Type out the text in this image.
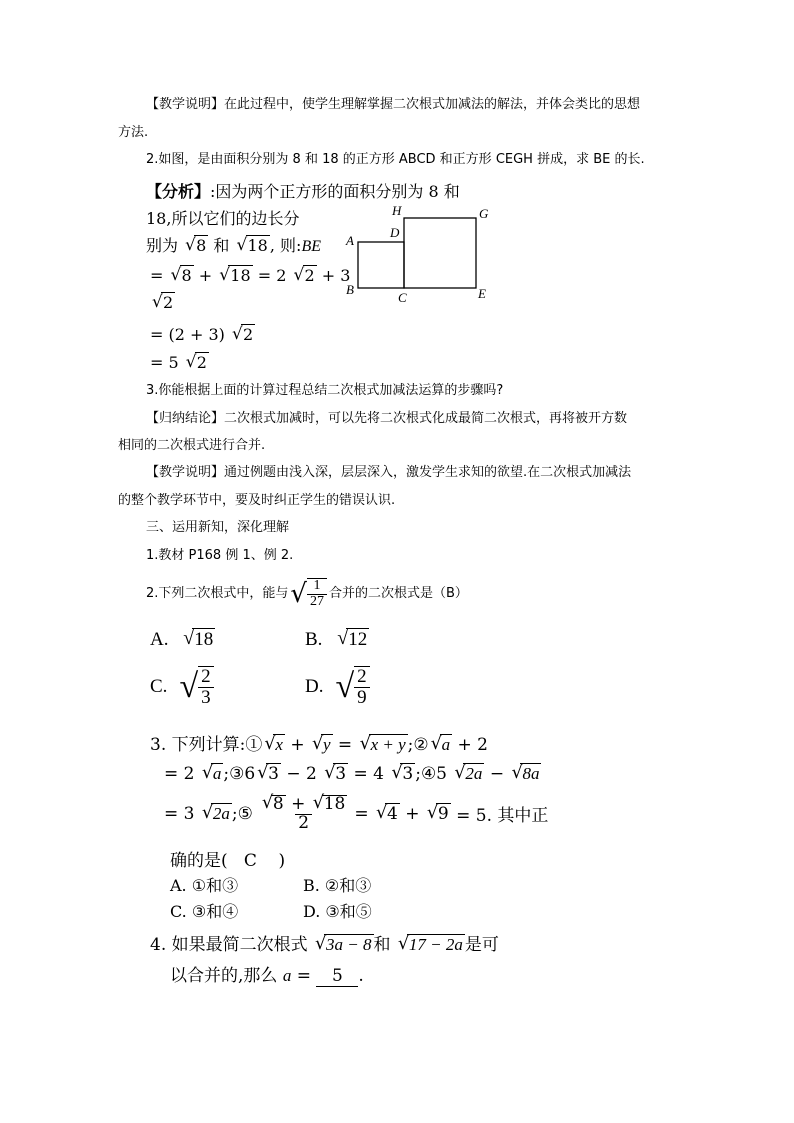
【教学说明】在此过程中，使学生理解掌握二次根式加减法的解法，并体会类比的思想
方法.
2.如图，是由面积分别为 8 和 18 的正方形 ABCD 和正方形 CEGH 拼成，求 BE 的长.
【分析】:因为两个正方形的面积分别为 8 和
18,所以它们的边长分
别为 √ 8 和 √ 18 , 则:BE
= √ 8 + √ 18 = 2 √ 2 + 3
√ 2
= (2 + 3) √ 2
= 5 √ 2
A
B
C
D
E
G
H
3.你能根据上面的计算过程总结二次根式加减法运算的步骤吗?
【归纳结论】二次根式加减时，可以先将二次根式化成最简二次根式，再将被开方数
相同的二次根式进行合并.
【教学说明】通过例题由浅入深，层层深入，激发学生求知的欲望.在二次根式加减法
的整个教学环节中，要及时纠正学生的错误认识.
三、运用新知，深化理解
1.教材 P168 例 1、例 2.
2.下列二次根式中，能与 √ $\frac{1}{27}$ 合并的二次根式是（B）
A. √ 18	B. √ 12
C. √ $\frac{2}{3}$	D. √ $\frac{2}{9}$
3. 下列计算:① √ x + √ y = √ x + y ;② √ a + 2
= 2 √ a ;③6 √ 3 − 2 √ 3 = 4 √ 3 ;④5 √ 2a − √ 8a
= 3
√ 2a ;⑤ $\frac{√ 8 + √ 18}{2}$ =
√ 4
+
√ 9
= 5. 其中正
确的是( C )
A. ①和③	B. ②和③
C. ③和④	D. ③和⑤
4. 如果最简二次根式 √ 3a − 8 和 √ 17 − 2a 是可
以合并的,那么 a = 5 .
